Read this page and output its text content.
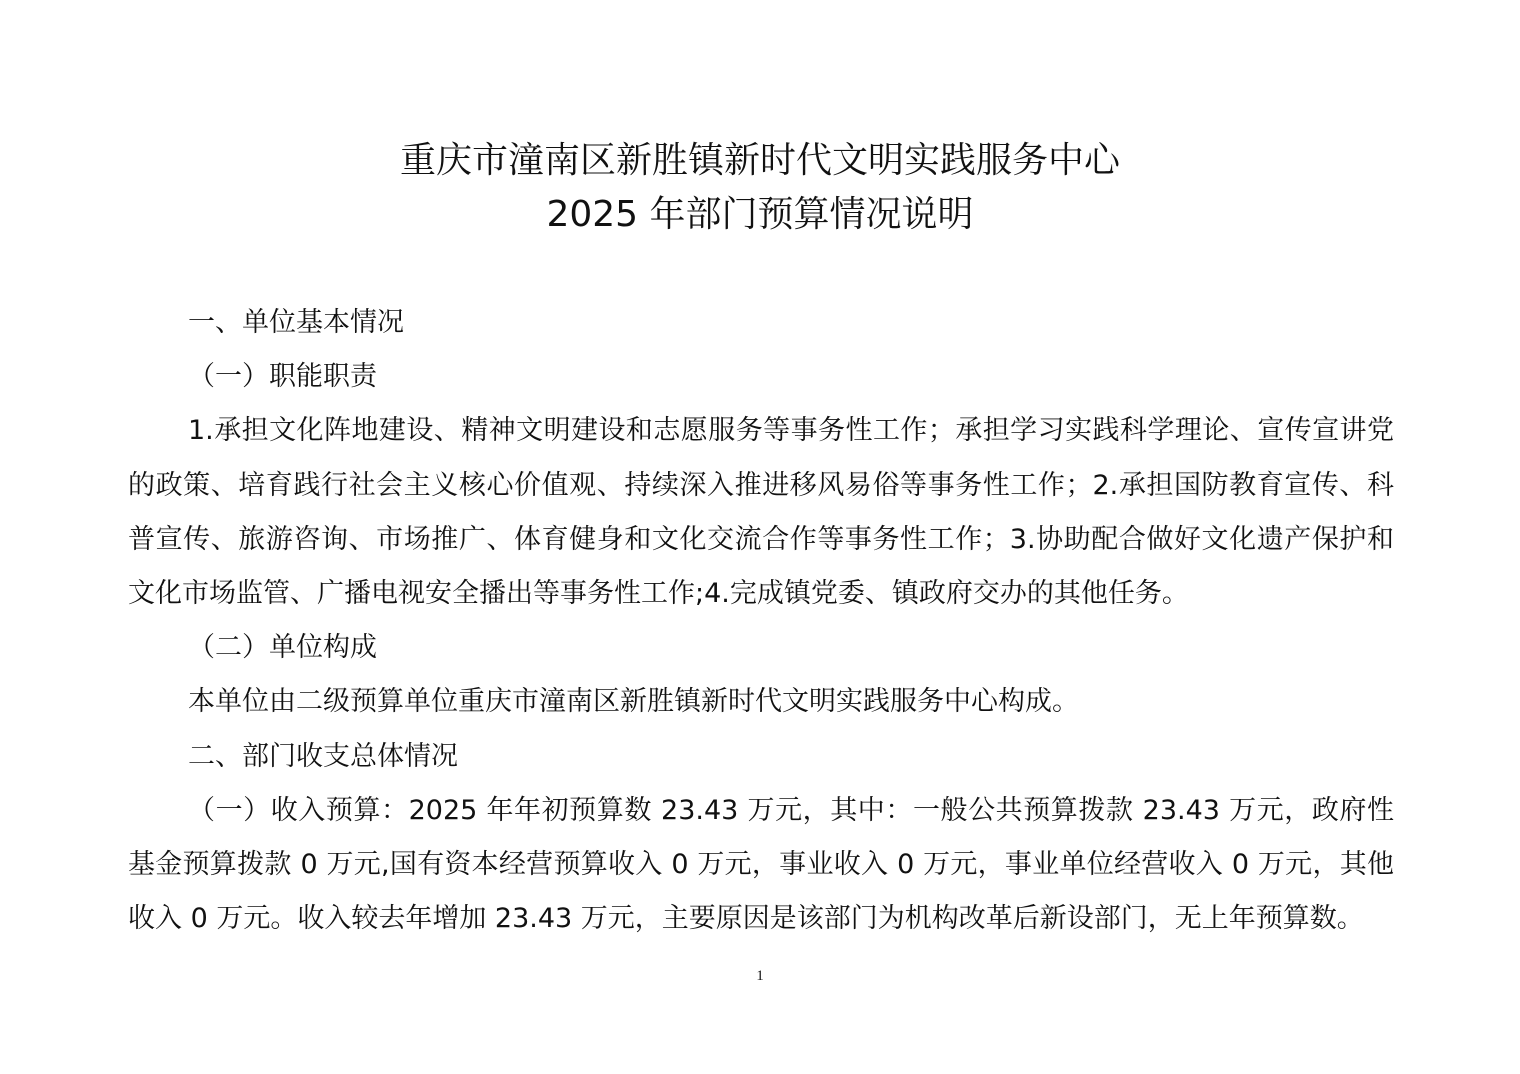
重庆市潼南区新胜镇新时代文明实践服务中心
2025 年部门预算情况说明

一、单位基本情况

（一）职能职责

1.承担文化阵地建设、精神文明建设和志愿服务等事务性工作；承担学习实践科学理论、宣传宣讲党的政策、培育践行社会主义核心价值观、持续深入推进移风易俗等事务性工作；2.承担国防教育宣传、科普宣传、旅游咨询、市场推广、体育健身和文化交流合作等事务性工作；3.协助配合做好文化遗产保护和文化市场监管、广播电视安全播出等事务性工作;4.完成镇党委、镇政府交办的其他任务。

（二）单位构成

本单位由二级预算单位重庆市潼南区新胜镇新时代文明实践服务中心构成。

二、部门收支总体情况

（一）收入预算：2025 年年初预算数 23.43 万元，其中：一般公共预算拨款 23.43 万元，政府性基金预算拨款 0 万元,国有资本经营预算收入 0 万元，事业收入 0 万元，事业单位经营收入 0 万元，其他收入 0 万元。收入较去年增加 23.43 万元，主要原因是该部门为机构改革后新设部门，无上年预算数。

1
